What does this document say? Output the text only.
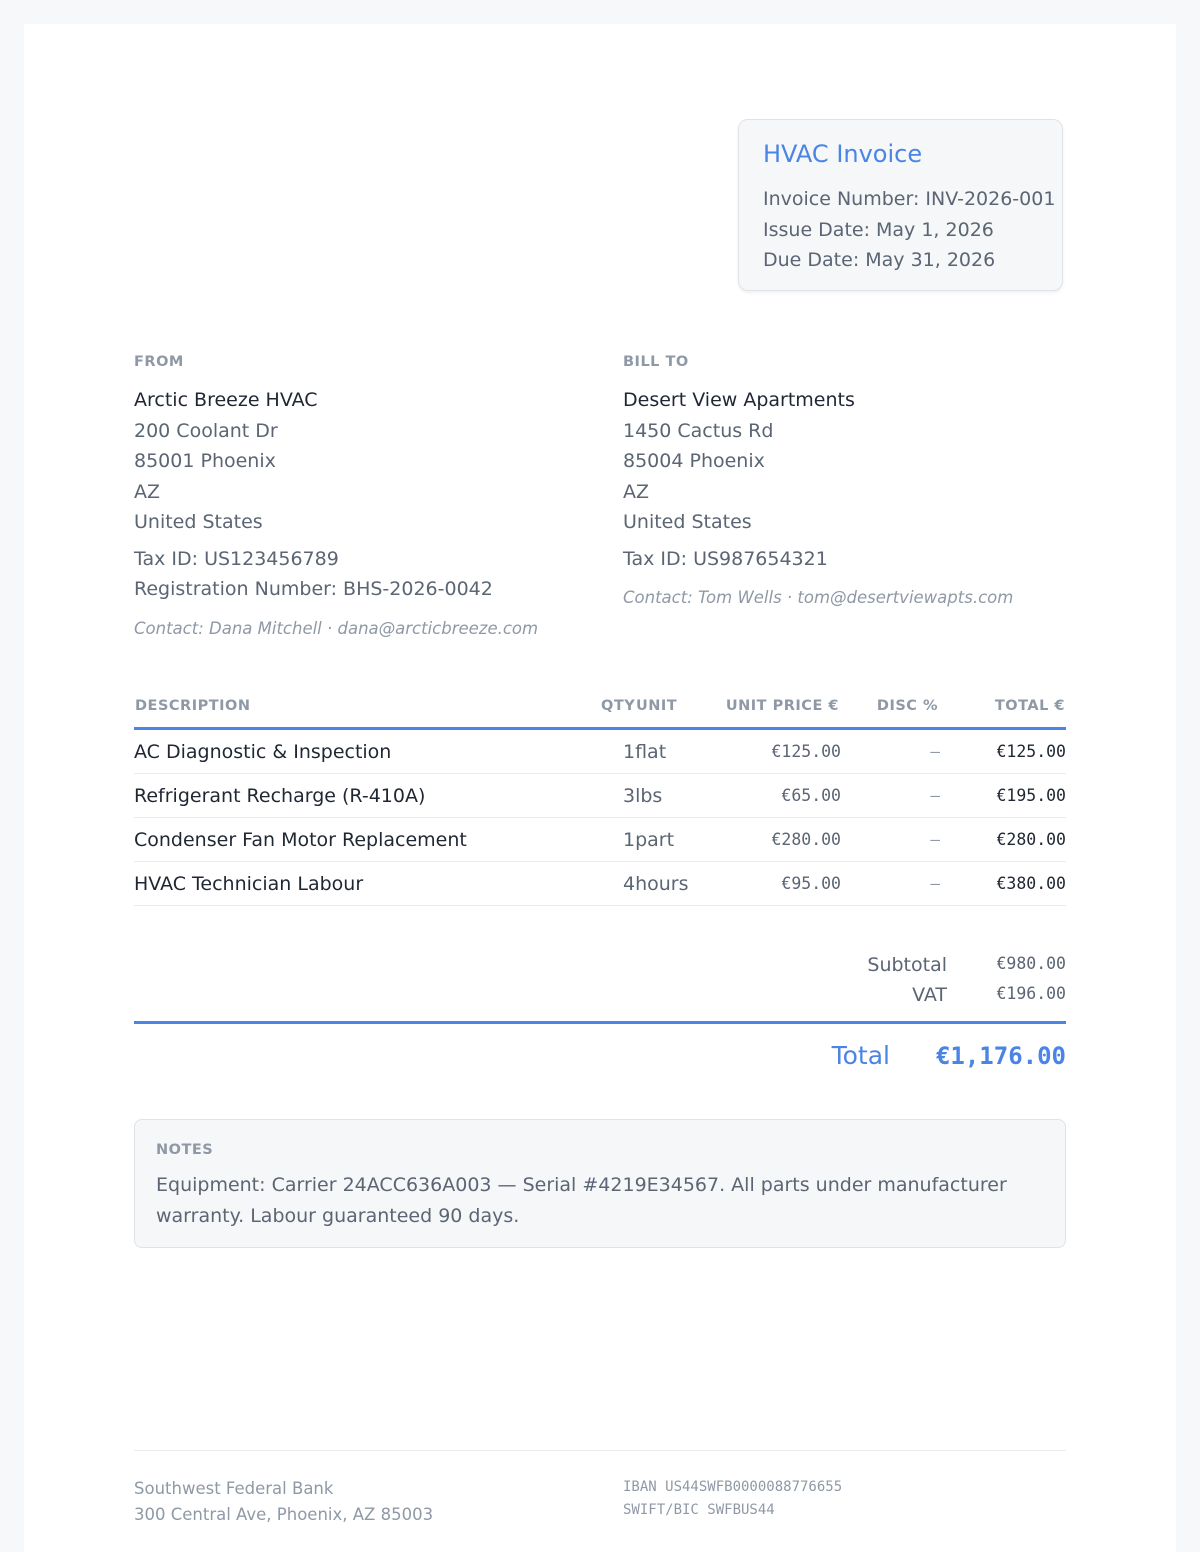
HVAC Invoice
Invoice Number: INV-2026-001
Issue Date: May 1, 2026
Due Date: May 31, 2026
FROM
Arctic Breeze HVAC
200 Coolant Dr
85001 Phoenix
AZ
United States
Tax ID: US123456789
Registration Number: BHS-2026-0042
Contact: Dana Mitchell · dana@arcticbreeze.com
BILL TO
Desert View Apartments
1450 Cactus Rd
85004 Phoenix
AZ
United States
Tax ID: US987654321
Contact: Tom Wells · tom@desertviewapts.com
DESCRIPTION	QTY UNIT	UNIT PRICE €	DISC %	TOTAL €
AC Diagnostic & Inspection	1flat	€125.00	—	€125.00
Refrigerant Recharge (R-410A)	3lbs	€65.00	—	€195.00
Condenser Fan Motor Replacement	1part	€280.00	—	€280.00
HVAC Technician Labour	4hours	€95.00	—	€380.00
Subtotal	€980.00
VAT	€196.00
Total €1,176.00
NOTES
Equipment: Carrier 24ACC636A003 — Serial #4219E34567. All parts under manufacturer warranty. Labour guaranteed 90 days.
Southwest Federal Bank
300 Central Ave, Phoenix, AZ 85003
IBAN US44SWFB0000088776655
SWIFT/BIC SWFBUS44
